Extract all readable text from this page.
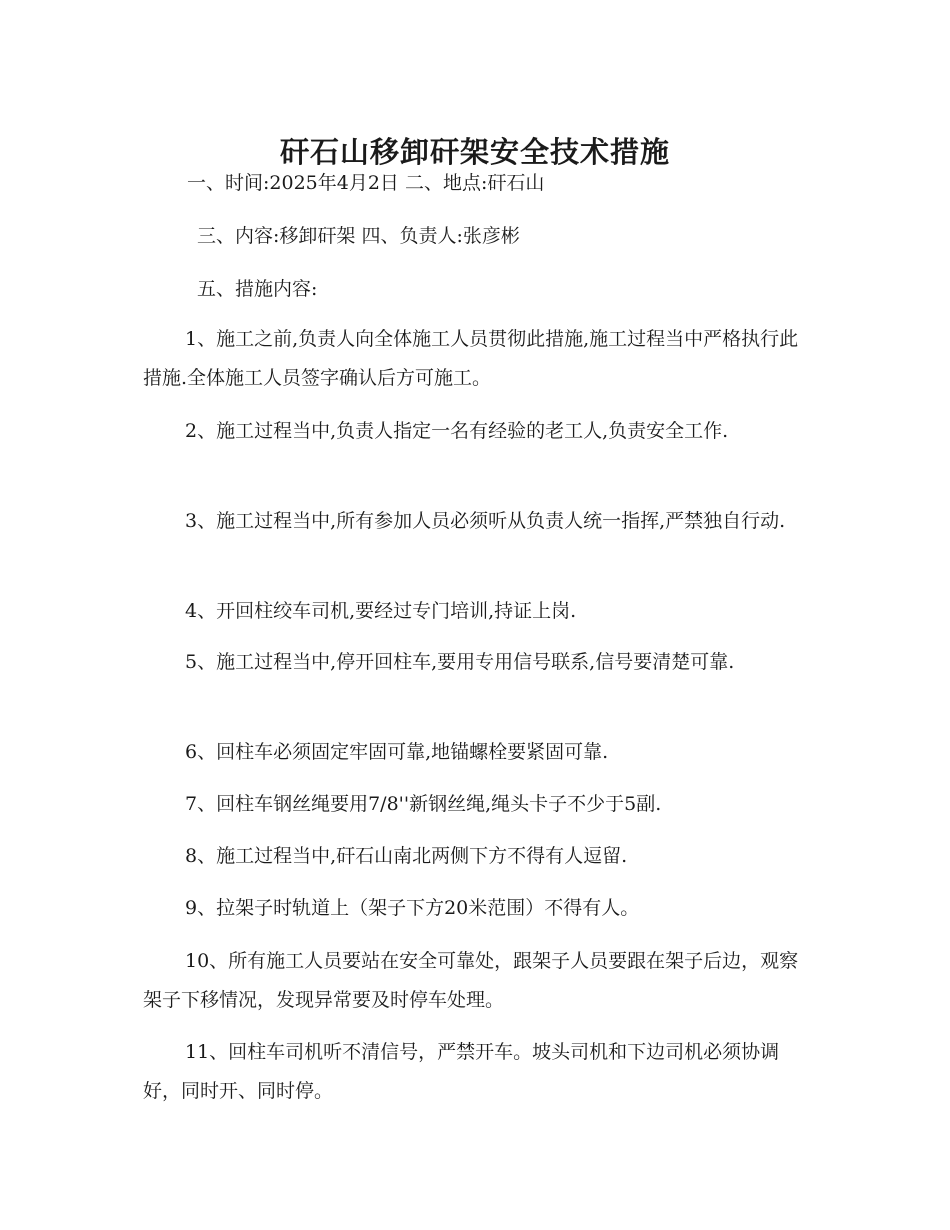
矸石山移卸矸架安全技术措施
一、时间:2025年4月2日 二、地点:矸石山
三、内容:移卸矸架 四、负责人:张彦彬
五、措施内容:

1、施工之前,负责人向全体施工人员贯彻此措施,施工过程当中严格执行此措施.全体施工人员签字确认后方可施工。

2、施工过程当中,负责人指定一名有经验的老工人,负责安全工作.

3、施工过程当中,所有参加人员必须听从负责人统一指挥,严禁独自行动.

4、开回柱绞车司机,要经过专门培训,持证上岗.

5、施工过程当中,停开回柱车,要用专用信号联系,信号要清楚可靠.

6、回柱车必须固定牢固可靠,地锚螺栓要紧固可靠.

7、回柱车钢丝绳要用7/8''新钢丝绳,绳头卡子不少于5副.

8、施工过程当中,矸石山南北两侧下方不得有人逗留.

9、拉架子时轨道上（架子下方20米范围）不得有人。

10、所有施工人员要站在安全可靠处，跟架子人员要跟在架子后边，观察架子下移情况，发现异常要及时停车处理。

11、回柱车司机听不清信号，严禁开车。坡头司机和下边司机必须协调好，同时开、同时停。
